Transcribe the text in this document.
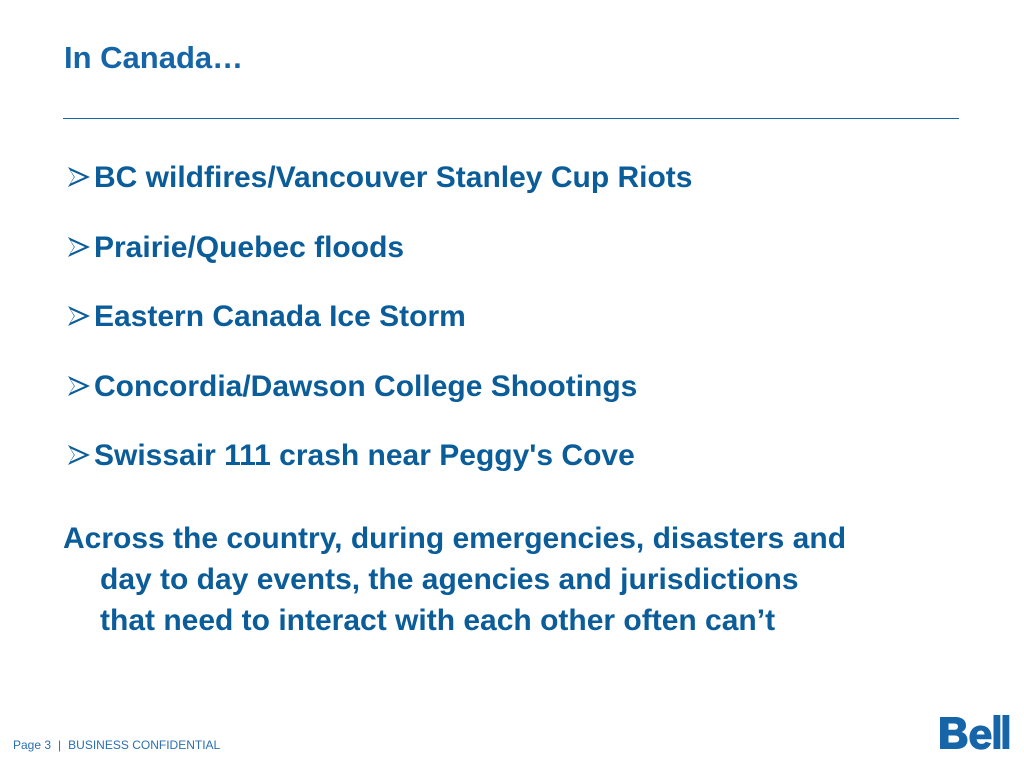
In Canada…
BC wildfires/Vancouver Stanley Cup Riots
Prairie/Quebec floods
Eastern Canada Ice Storm
Concordia/Dawson College Shootings
Swissair 111 crash near Peggy's Cove
Across the country, during emergencies, disasters and
day to day events, the agencies and jurisdictions
that need to interact with each other often can’t
Page 3 | BUSINESS CONFIDENTIAL
